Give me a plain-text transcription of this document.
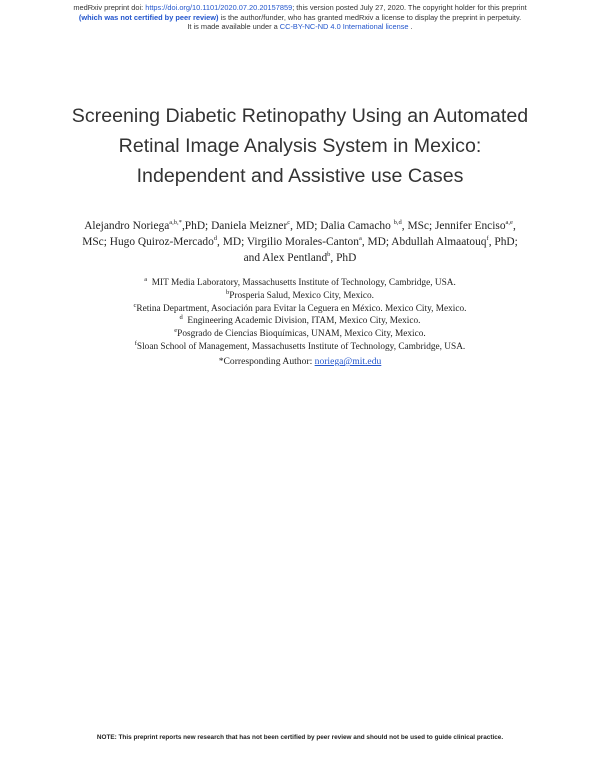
medRxiv preprint doi: https://doi.org/10.1101/2020.07.20.20157859; this version posted July 27, 2020. The copyright holder for this preprint
(which was not certified by peer review) is the author/funder, who has granted medRxiv a license to display the preprint in perpetuity.
It is made available under a CC-BY-NC-ND 4.0 International license .
Screening Diabetic Retinopathy Using an Automated
Retinal Image Analysis System in Mexico:
Independent and Assistive use Cases
Alejandro Noriega$^{a,b,*}$,PhD; Daniela Meizner$^c$, MD; Dalia Camacho $^{b,d}$, MSc; Jennifer Enciso$^{a,e}$,
MSc; Hugo Quiroz-Mercado$^d$, MD; Virgilio Morales-Canton$^a$, MD; Abdullah Almaatouq$^f$, PhD;
and Alex Pentland$^b$, PhD
$^a$  MIT Media Laboratory, Massachusetts Institute of Technology, Cambridge, USA.
$^b$Prosperia Salud, Mexico City, Mexico.
$^c$Retina Department, Asociación para Evitar la Ceguera en México. Mexico City, Mexico.
$^d$  Engineering Academic Division, ITAM, Mexico City, Mexico.
$^e$Posgrado de Ciencias Bioquímicas, UNAM, Mexico City, Mexico.
$^f$Sloan School of Management, Massachusetts Institute of Technology, Cambridge, USA.
*Corresponding Author: noriega@mit.edu
NOTE: This preprint reports new research that has not been certified by peer review and should not be used to guide clinical practice.
